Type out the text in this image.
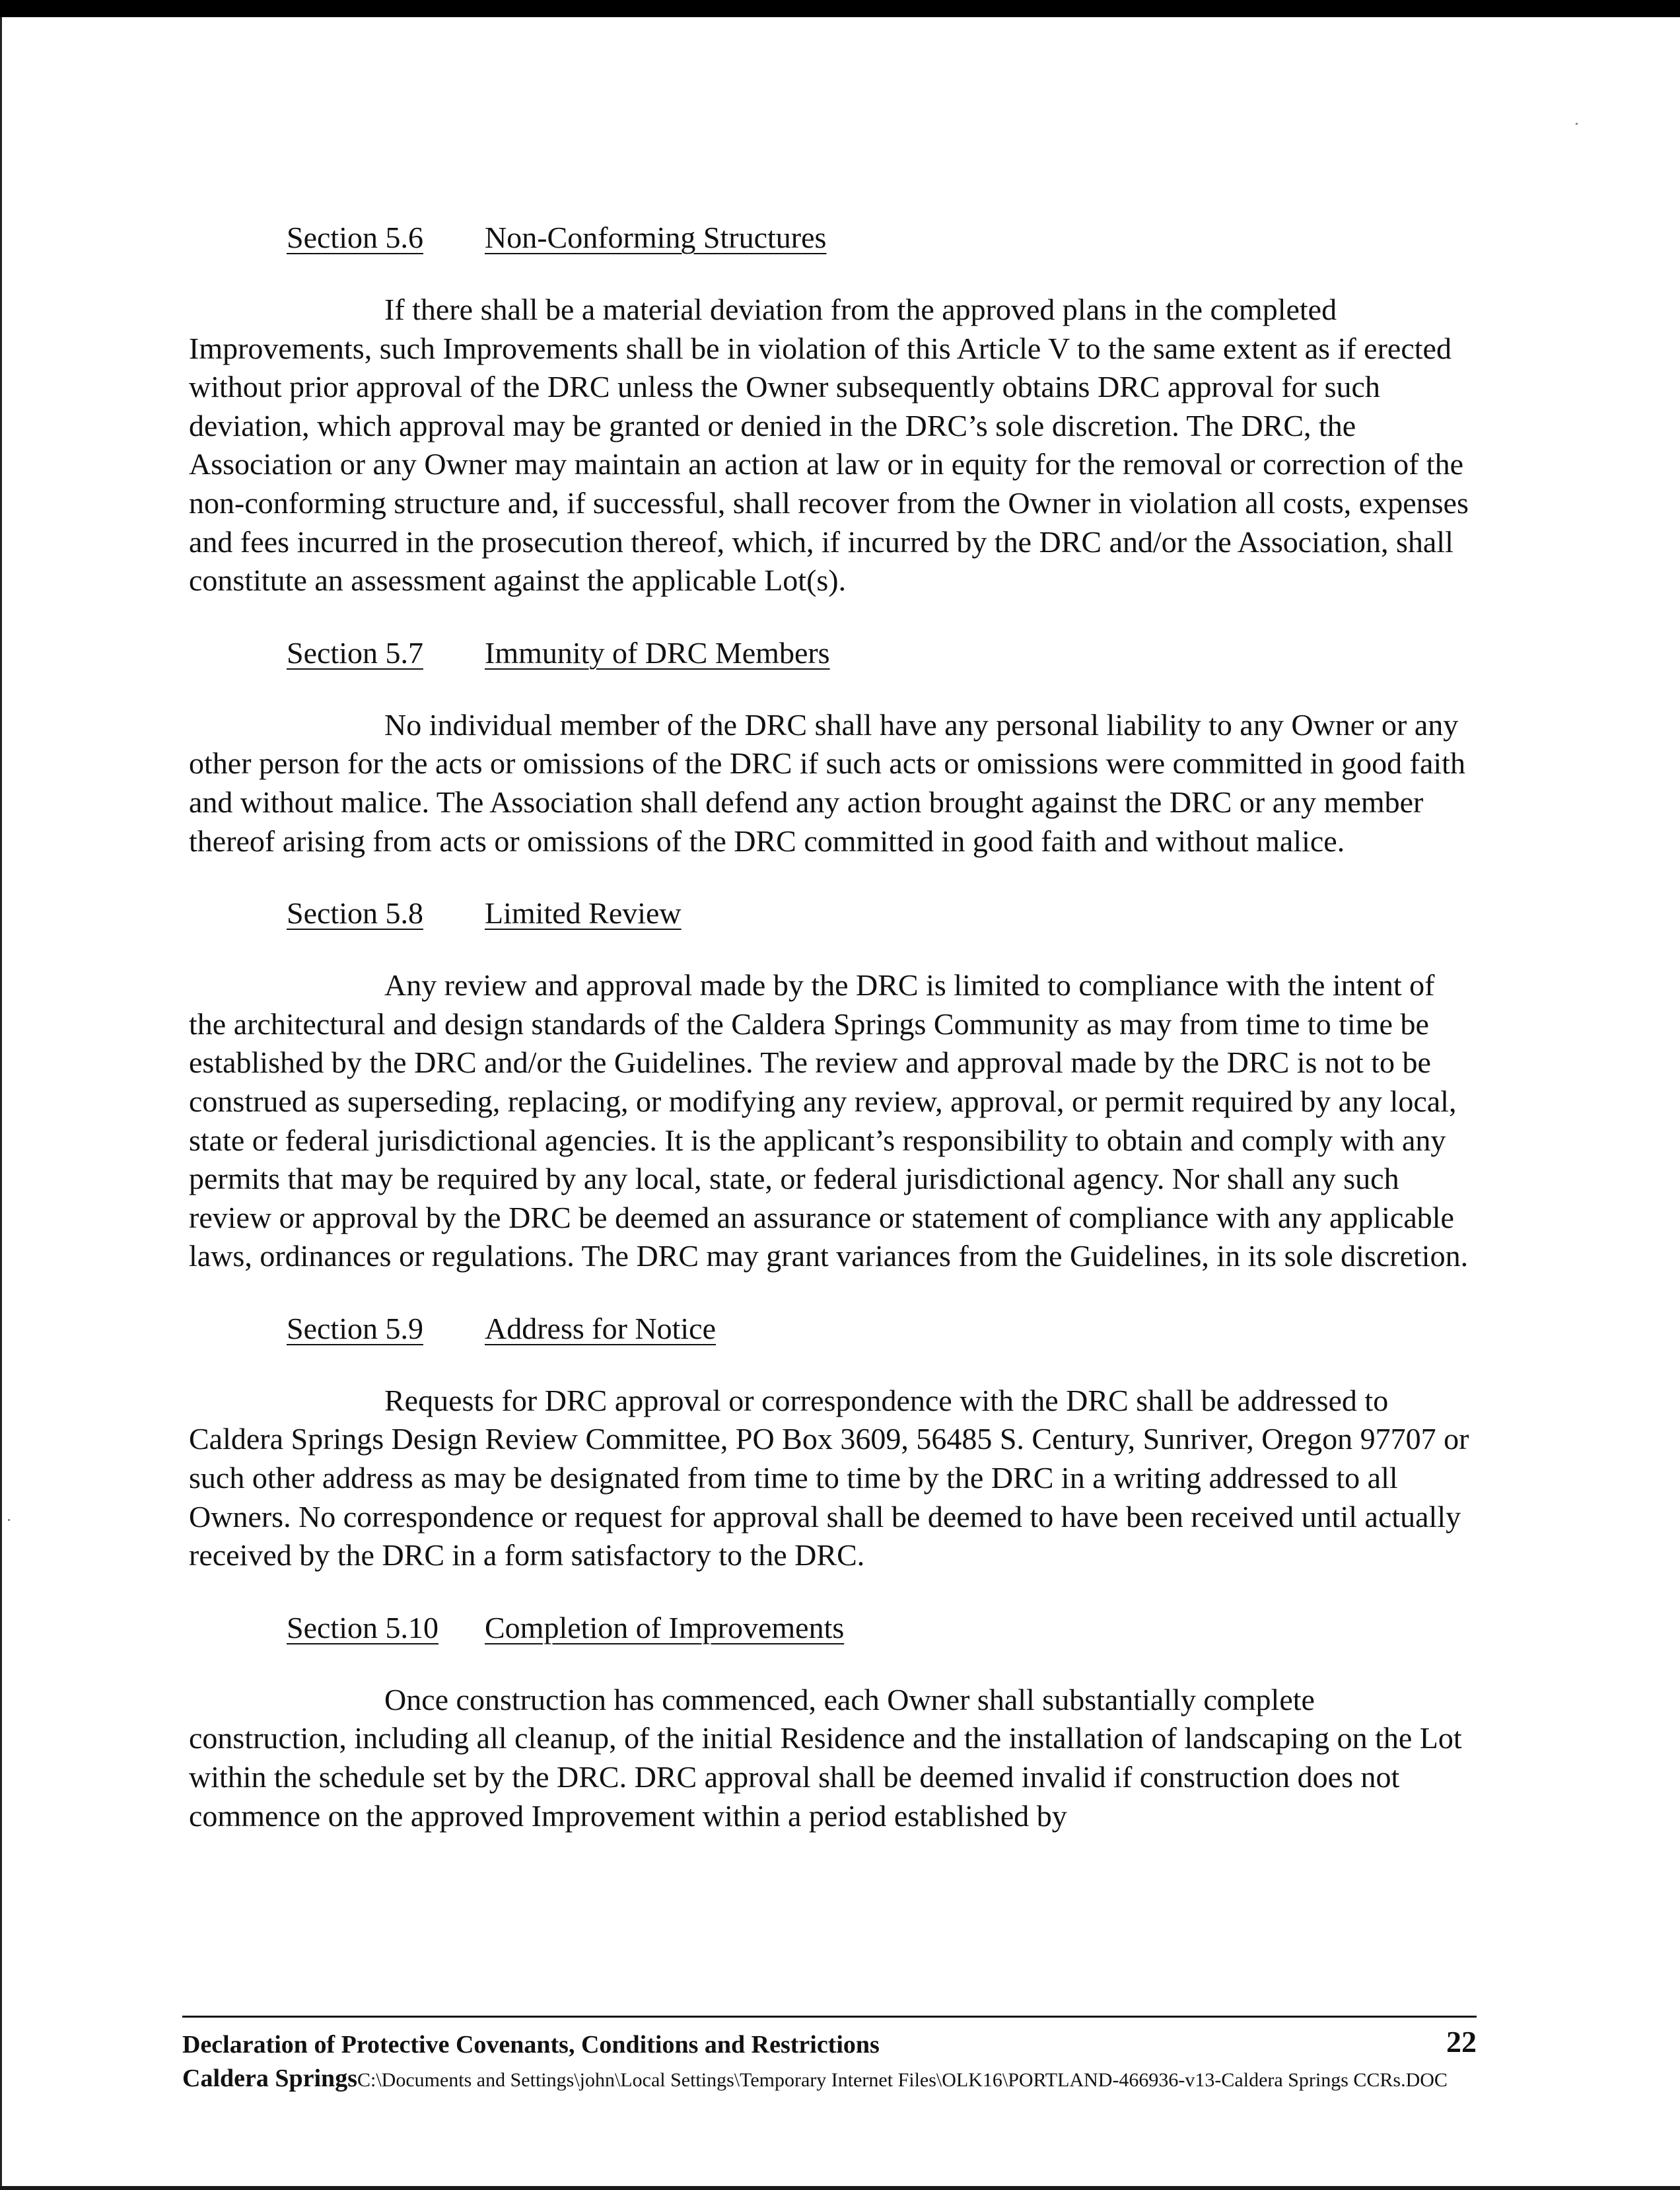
Section 5.6 Non-Conforming Structures

If there shall be a material deviation from the approved plans in the completed Improvements, such Improvements shall be in violation of this Article V to the same extent as if erected without prior approval of the DRC unless the Owner subsequently obtains DRC approval for such deviation, which approval may be granted or denied in the DRC’s sole discretion. The DRC, the Association or any Owner may maintain an action at law or in equity for the removal or correction of the non-conforming structure and, if successful, shall recover from the Owner in violation all costs, expenses and fees incurred in the prosecution thereof, which, if incurred by the DRC and/or the Association, shall constitute an assessment against the applicable Lot(s).

Section 5.7 Immunity of DRC Members

No individual member of the DRC shall have any personal liability to any Owner or any other person for the acts or omissions of the DRC if such acts or omissions were committed in good faith and without malice. The Association shall defend any action brought against the DRC or any member thereof arising from acts or omissions of the DRC committed in good faith and without malice.

Section 5.8 Limited Review

Any review and approval made by the DRC is limited to compliance with the intent of the architectural and design standards of the Caldera Springs Community as may from time to time be established by the DRC and/or the Guidelines. The review and approval made by the DRC is not to be construed as superseding, replacing, or modifying any review, approval, or permit required by any local, state or federal jurisdictional agencies. It is the applicant’s responsibility to obtain and comply with any permits that may be required by any local, state, or federal jurisdictional agency. Nor shall any such review or approval by the DRC be deemed an assurance or statement of compliance with any applicable laws, ordinances or regulations. The DRC may grant variances from the Guidelines, in its sole discretion.

Section 5.9 Address for Notice

Requests for DRC approval or correspondence with the DRC shall be addressed to Caldera Springs Design Review Committee, PO Box 3609, 56485 S. Century, Sunriver, Oregon 97707 or such other address as may be designated from time to time by the DRC in a writing addressed to all Owners. No correspondence or request for approval shall be deemed to have been received until actually received by the DRC in a form satisfactory to the DRC.

Section 5.10 Completion of Improvements

Once construction has commenced, each Owner shall substantially complete construction, including all cleanup, of the initial Residence and the installation of landscaping on the Lot within the schedule set by the DRC. DRC approval shall be deemed invalid if construction does not commence on the approved Improvement within a period established by

Declaration of Protective Covenants, Conditions and Restrictions	22
Caldera SpringsC:\Documents and Settings\john\Local Settings\Temporary Internet Files\OLK16\PORTLAND-466936-v13-Caldera Springs CCRs.DOC
